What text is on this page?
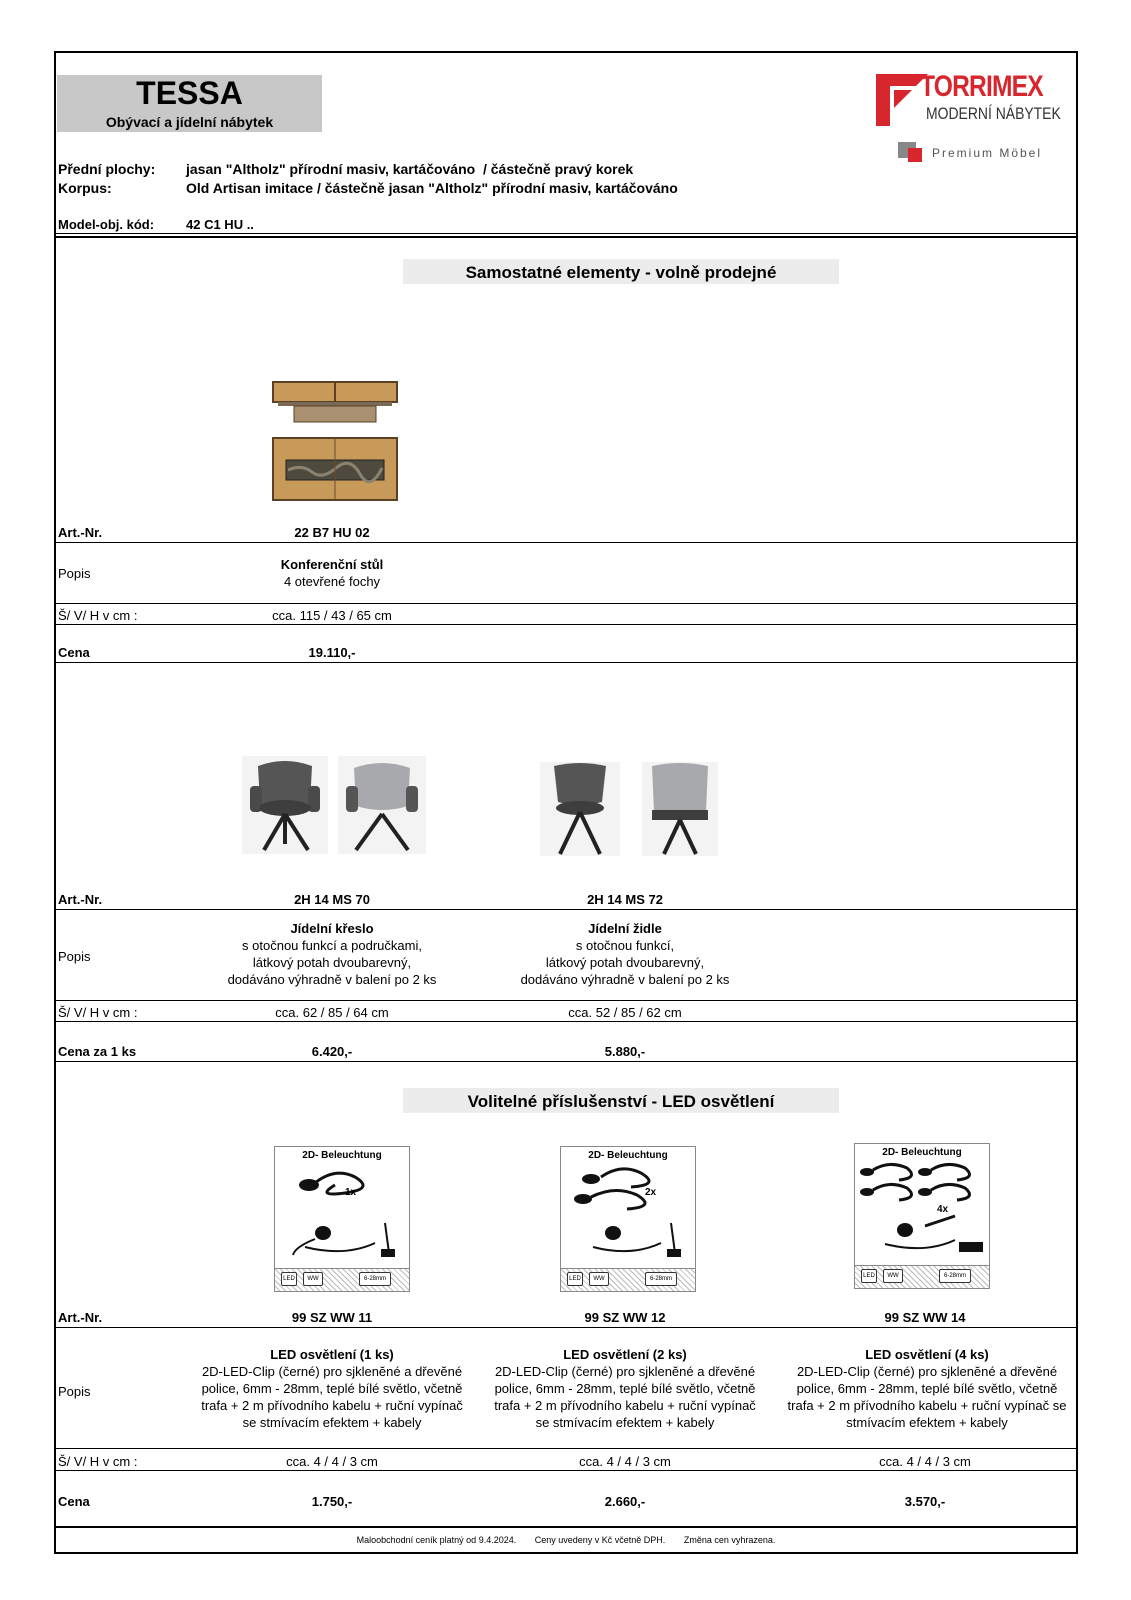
TESSA
Obývací a jídelní nábytek
TORRIMEX
MODERNÍ NÁBYTEK
Premium Möbel
Přední plochy: jasan "Altholz" přírodní masiv, kartáčováno  / částečně pravý korek
Korpus:	Old Artisan imitace / částečně jasan "Altholz" přírodní masiv, kartáčováno
Model-obj. kód: 42 C1 HU ..
Samostatné elementy - volně prodejné
Art.-Nr.	22 B7 HU 02
Popis
Konferenční stůl
4 otevřené fochy
Š/ V/ H v cm :	cca. 115 / 43 / 65 cm
Cena	19.110,-
Art.-Nr.	2H 14 MS 70	2H 14 MS 72
Popis
Jídelní křeslo
s otočnou funkcí a područkami,
látkový potah dvoubarevný,
dodáváno výhradně v balení po 2 ks
Jídelní židle
s otočnou funkcí,
látkový potah dvoubarevný,
dodáváno výhradně v balení po 2 ks
Š/ V/ H v cm :	cca. 62 / 85 / 64 cm	cca. 52 / 85 / 62 cm
Cena za 1 ks	6.420,-	5.880,-
Volitelné příslušenství - LED osvětlení
2D- Beleuchtung
1x
LED	WW	6-28mm
2D- Beleuchtung
2x
LED	WW	6-28mm
2D- Beleuchtung
4x
LED	WW	6-28mm
Art.-Nr.	99 SZ WW 11	99 SZ WW 12	99 SZ WW 14
Popis
LED osvětlení (1 ks)
2D-LED-Clip (černé) pro sjklenĕné a dřevĕné
police, 6mm - 28mm, teplé bílé světlo, včetně
trafa + 2 m přívodního kabelu + ruční vypínač
se stmívacím efektem + kabely
LED osvětlení (2 ks)
2D-LED-Clip (černé) pro sjklenĕné a dřevĕné
police, 6mm - 28mm, teplé bílé světlo, včetně
trafa + 2 m přívodního kabelu + ruční vypínač
se stmívacím efektem + kabely
LED osvětlení (4 ks)
2D-LED-Clip (černé) pro sjklenĕné a dřevĕné
police, 6mm - 28mm, teplé bílé světlo, včetně
trafa + 2 m přívodního kabelu + ruční vypínač se
stmívacím efektem + kabely
Š/ V/ H v cm :	cca. 4 / 4 / 3 cm	cca. 4 / 4 / 3 cm	cca. 4 / 4 / 3 cm
Cena	1.750,-	2.660,-	3.570,-
Maloobchodní ceník platný od 9.4.2024. Ceny uvedeny v Kč včetně DPH. Změna cen vyhrazena.
